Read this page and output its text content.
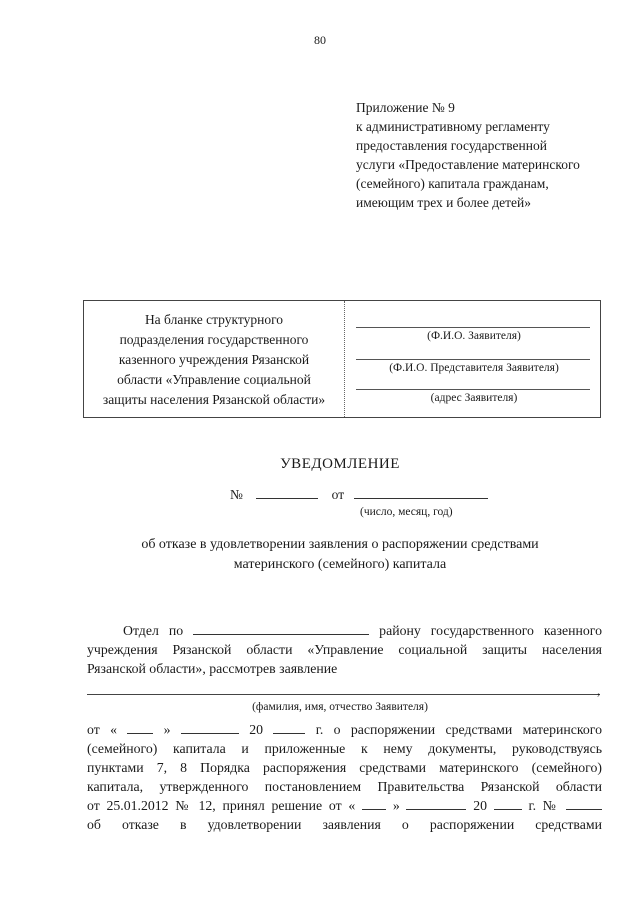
80
Приложение № 9
к административному регламенту
предоставления государственной
услуги «Предоставление материнского
(семейного) капитала гражданам,
имеющим трех и более детей»
На бланке структурного
подразделения государственного
казенного учреждения Рязанской
области «Управление социальной
защиты населения Рязанской области»
(Ф.И.О. Заявителя)
(Ф.И.О. Представителя Заявителя)
(адрес Заявителя)
УВЕДОМЛЕНИЕ
№	от
(число, месяц, год)
об отказе в удовлетворении заявления о распоряжении средствами
материнского (семейного) капитала
Отдел по	району государственного казенного
учреждения Рязанской области «Управление социальной защиты населения
Рязанской области», рассмотрев заявление
,
(фамилия, имя, отчество Заявителя)
от «	»	20	г. о распоряжении средствами материнского
(семейного) капитала и приложенные к нему документы, руководствуясь
пунктами 7, 8 Порядка распоряжения средствами материнского (семейного)
капитала, утвержденного постановлением Правительства Рязанской области
от 25.01.2012 № 12, принял решение от «	»	20	г. №
об отказе в удовлетворении заявления о распоряжении средствами
